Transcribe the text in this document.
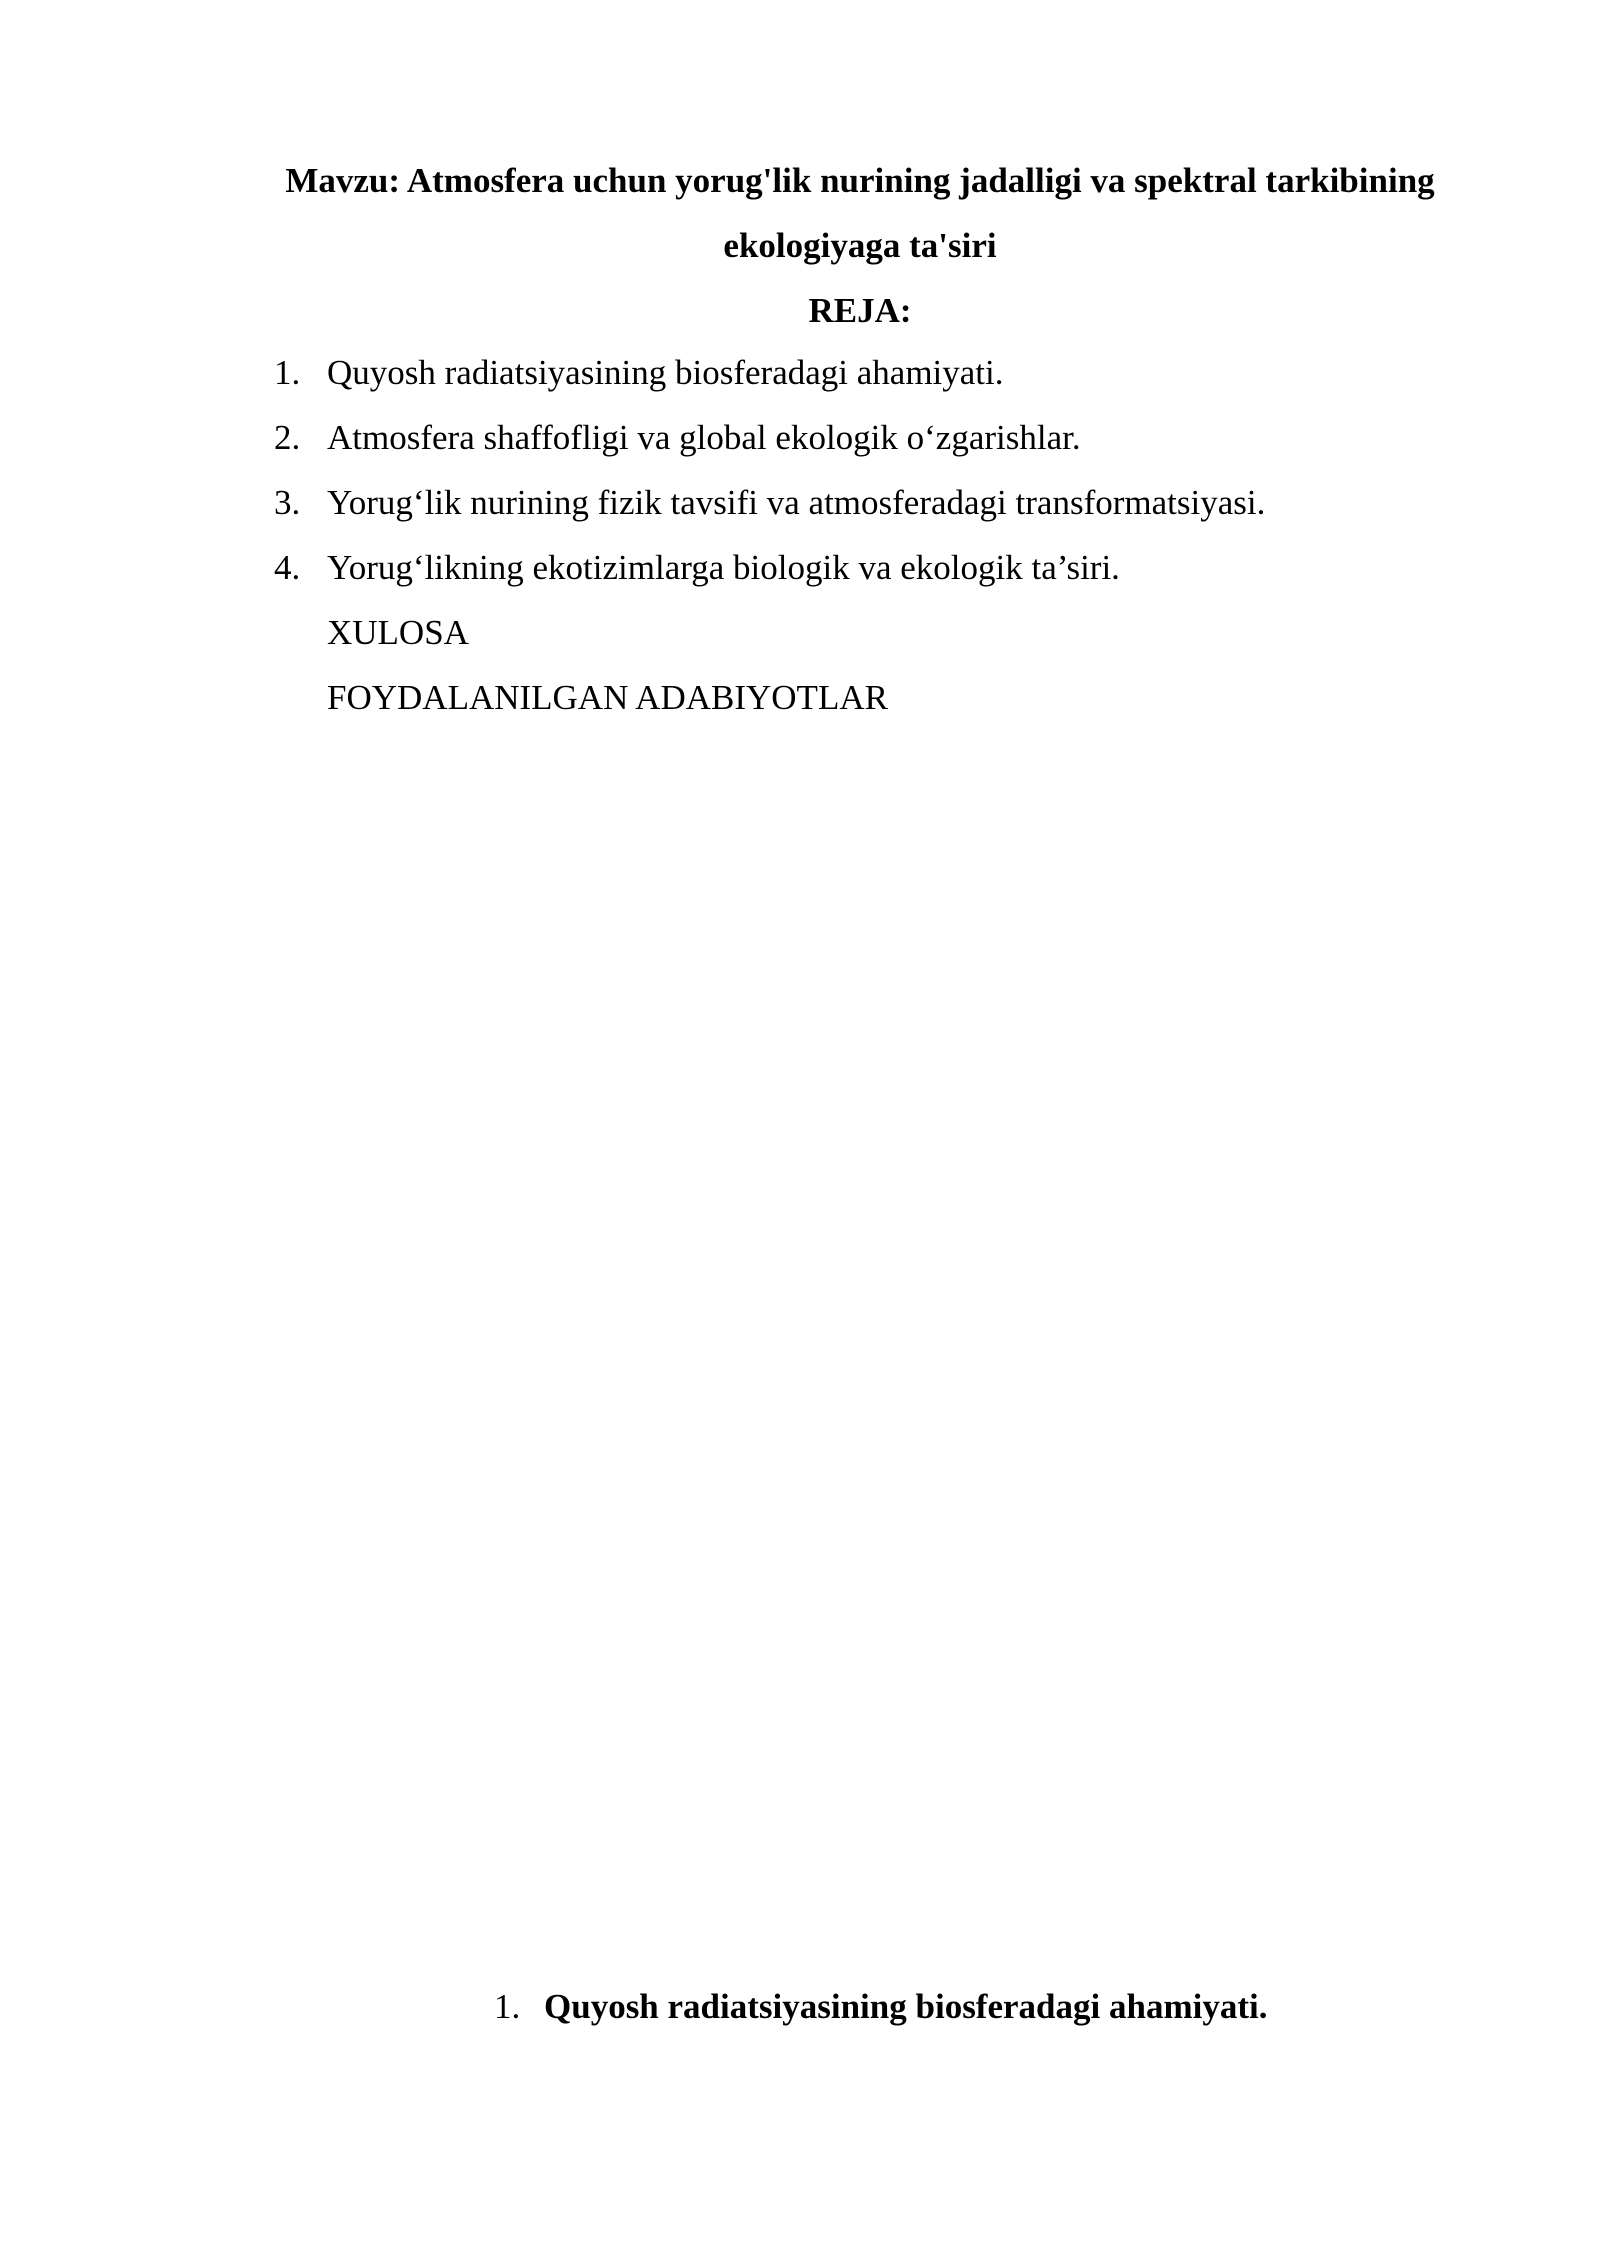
Mavzu: Atmosfera uchun yorug'lik nurining jadalligi va spektral tarkibining
ekologiyaga ta'siri
REJA:
1. Quyosh radiatsiyasining biosferadagi ahamiyati.
2. Atmosfera shaffofligi va global ekologik o‘zgarishlar.
3. Yorug‘lik nurining fizik tavsifi va atmosferadagi transformatsiyasi.
4. Yorug‘likning ekotizimlarga biologik va ekologik ta’siri.
XULOSA
FOYDALANILGAN ADABIYOTLAR
1. Quyosh radiatsiyasining biosferadagi ahamiyati.
